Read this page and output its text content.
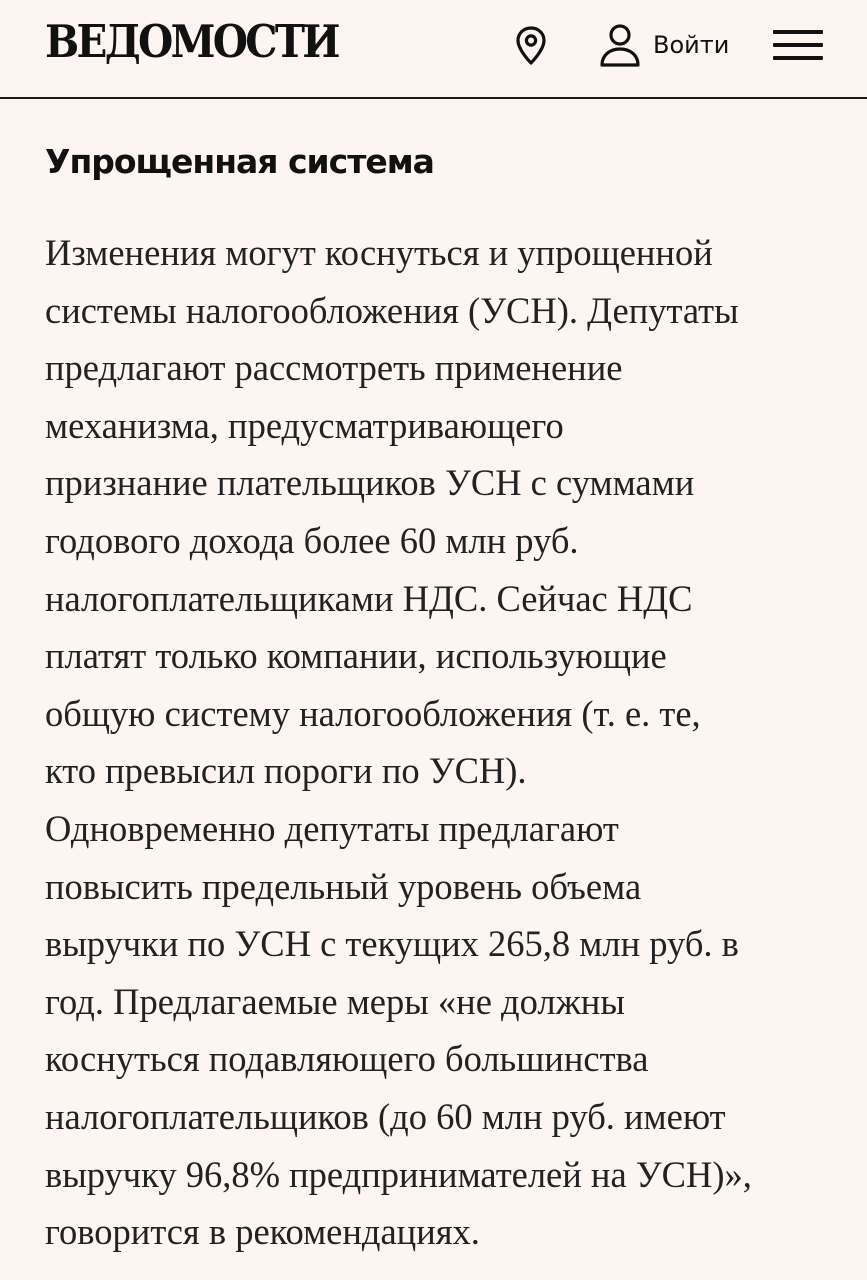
ВЕДОМОСТИ	Войти
Упрощенная система
Изменения могут коснуться и упрощенной
системы налогообложения (УСН). Депутаты
предлагают рассмотреть применение
механизма, предусматривающего
признание плательщиков УСН с суммами
годового дохода более 60 млн руб.
налогоплательщиками НДС. Сейчас НДС
платят только компании, использующие
общую систему налогообложения (т. е. те,
кто превысил пороги по УСН).
Одновременно депутаты предлагают
повысить предельный уровень объема
выручки по УСН с текущих 265,8 млн руб. в
год. Предлагаемые меры «не должны
коснуться подавляющего большинства
налогоплательщиков (до 60 млн руб. имеют
выручку 96,8% предпринимателей на УСН)»,
говорится в рекомендациях.
